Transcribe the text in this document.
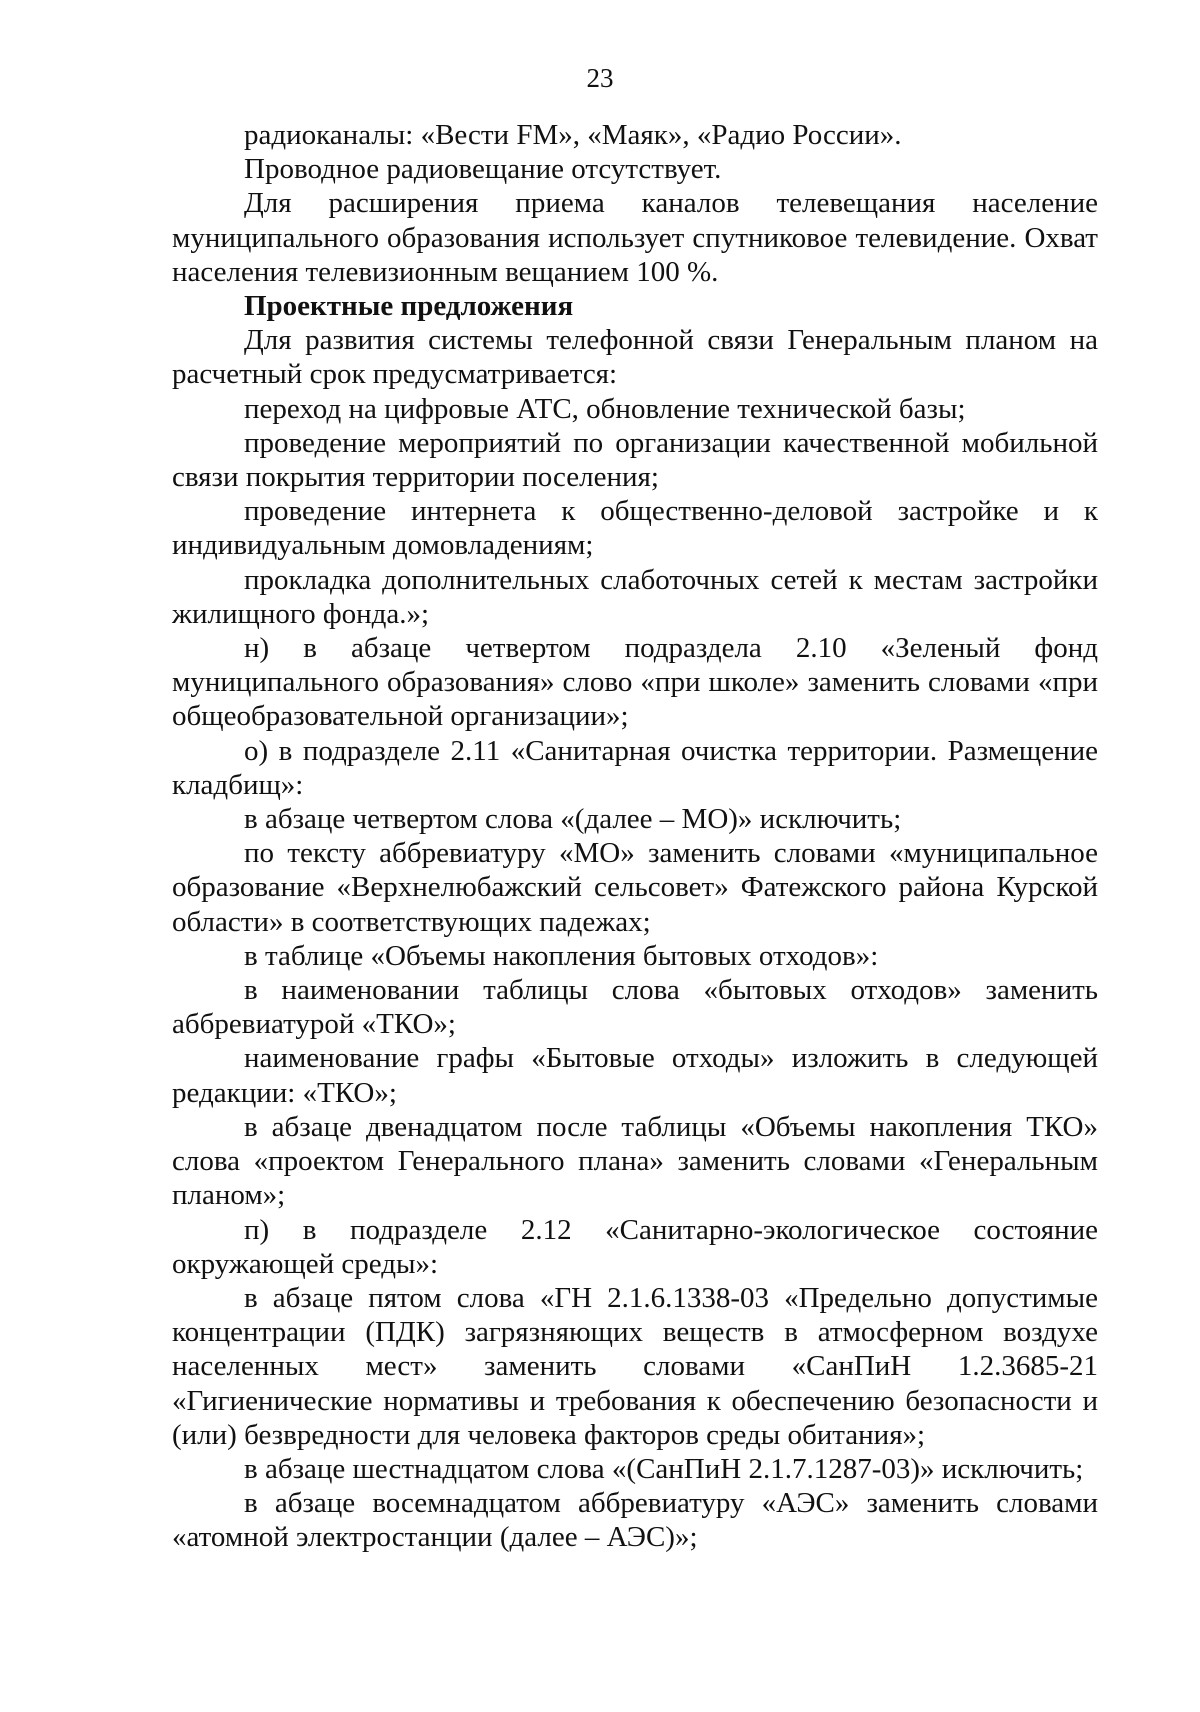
23

радиоканалы: «Вести FM», «Маяк», «Радио России».

Проводное радиовещание отсутствует.

Для расширения приема каналов телевещания население муниципального образования использует спутниковое телевидение. Охват населения телевизионным вещанием 100 %.

Проектные предложения

Для развития системы телефонной связи Генеральным планом на расчетный срок предусматривается:

переход на цифровые АТС, обновление технической базы;

проведение мероприятий по организации качественной мобильной связи покрытия территории поселения;

проведение интернета к общественно-деловой застройке и к индивидуальным домовладениям;

прокладка дополнительных слаботочных сетей к местам застройки жилищного фонда.»;

н) в абзаце четвертом подраздела 2.10 «Зеленый фонд муниципального образования» слово «при школе» заменить словами «при общеобразовательной организации»;

о) в подразделе 2.11 «Санитарная очистка территории. Размещение кладбищ»:

в абзаце четвертом слова «(далее – МО)» исключить;

по тексту аббревиатуру «МО» заменить словами «муниципальное образование «Верхнелюбажский сельсовет» Фатежского района Курской области» в соответствующих падежах;

в таблице «Объемы накопления бытовых отходов»:

в наименовании таблицы слова «бытовых отходов» заменить аббревиатурой «ТКО»;

наименование графы «Бытовые отходы» изложить в следующей редакции: «ТКО»;

в абзаце двенадцатом после таблицы «Объемы накопления ТКО» слова «проектом Генерального плана» заменить словами «Генеральным планом»;

п) в подразделе 2.12 «Санитарно-экологическое состояние окружающей среды»:

в абзаце пятом слова «ГН 2.1.6.1338-03 «Предельно допустимые концентрации (ПДК) загрязняющих веществ в атмосферном воздухе населенных мест» заменить словами «СанПиН 1.2.3685-21 «Гигиенические нормативы и требования к обеспечению безопасности и (или) безвредности для человека факторов среды обитания»;

в абзаце шестнадцатом слова «(СанПиН 2.1.7.1287-03)» исключить;

в абзаце восемнадцатом аббревиатуру «АЭС» заменить словами «атомной электростанции (далее – АЭС)»;
